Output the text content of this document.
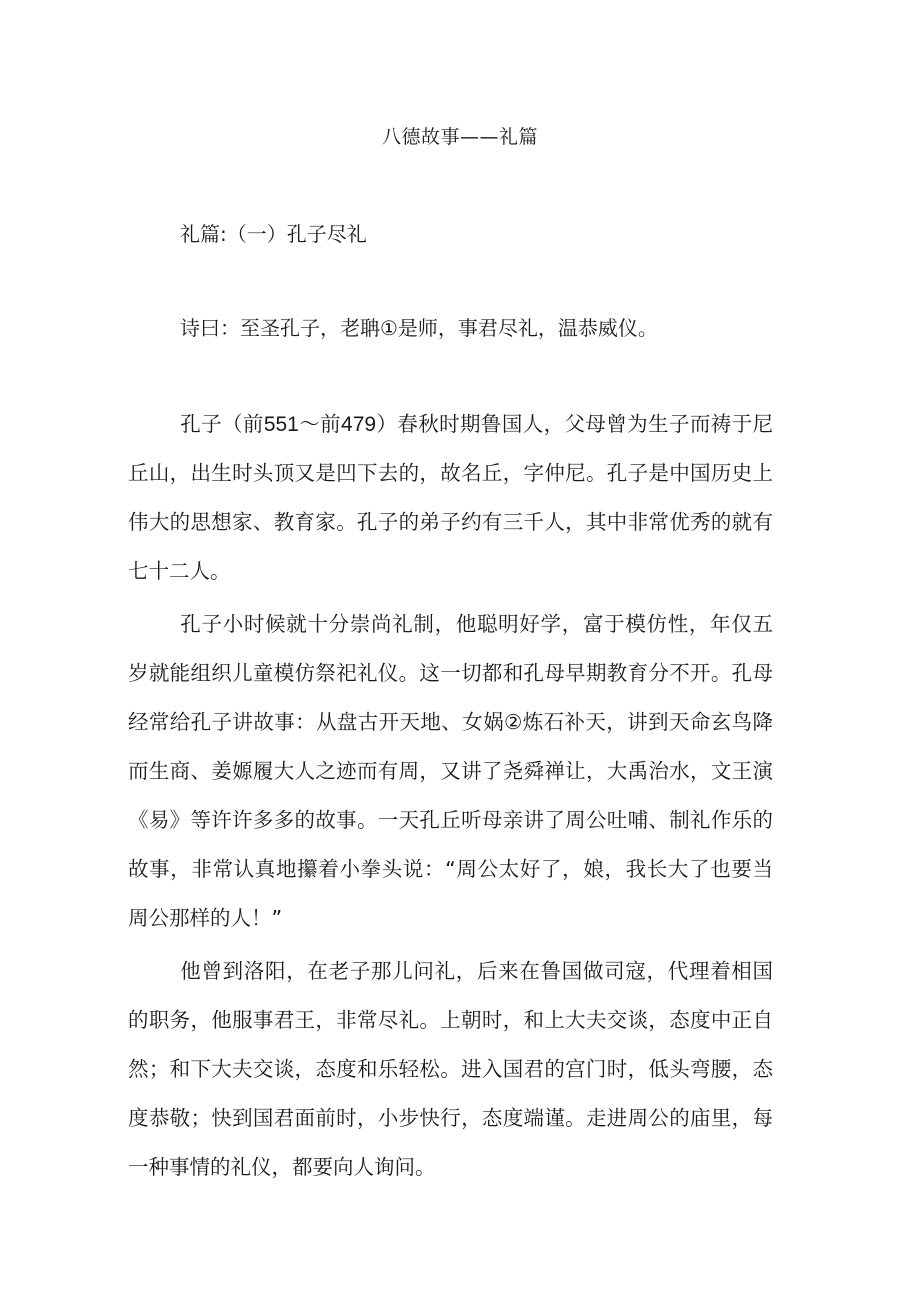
八德故事——礼篇
礼篇:（一）孔子尽礼
诗曰：至圣孔子，老聃①是师，事君尽礼，温恭威仪。

孔子（前551～前479）春秋时期鲁国人，父母曾为生子而祷于尼丘山，出生时头顶又是凹下去的，故名丘，字仲尼。孔子是中国历史上伟大的思想家、教育家。孔子的弟子约有三千人，其中非常优秀的就有七十二人。

孔子小时候就十分崇尚礼制，他聪明好学，富于模仿性，年仅五岁就能组织儿童模仿祭祀礼仪。这一切都和孔母早期教育分不开。孔母经常给孔子讲故事：从盘古开天地、女娲②炼石补天，讲到天命玄鸟降而生商、姜嫄履大人之迹而有周，又讲了尧舜禅让，大禹治水，文王演《易》等许许多多的故事。一天孔丘听母亲讲了周公吐哺、制礼作乐的故事，非常认真地攥着小拳头说：“周公太好了，娘，我长大了也要当周公那样的人！”

他曾到洛阳，在老子那儿问礼，后来在鲁国做司寇，代理着相国的职务，他服事君王，非常尽礼。上朝时，和上大夫交谈，态度中正自然；和下大夫交谈，态度和乐轻松。进入国君的宫门时，低头弯腰，态度恭敬；快到国君面前时，小步快行，态度端谨。走进周公的庙里，每一种事情的礼仪，都要向人询问。
